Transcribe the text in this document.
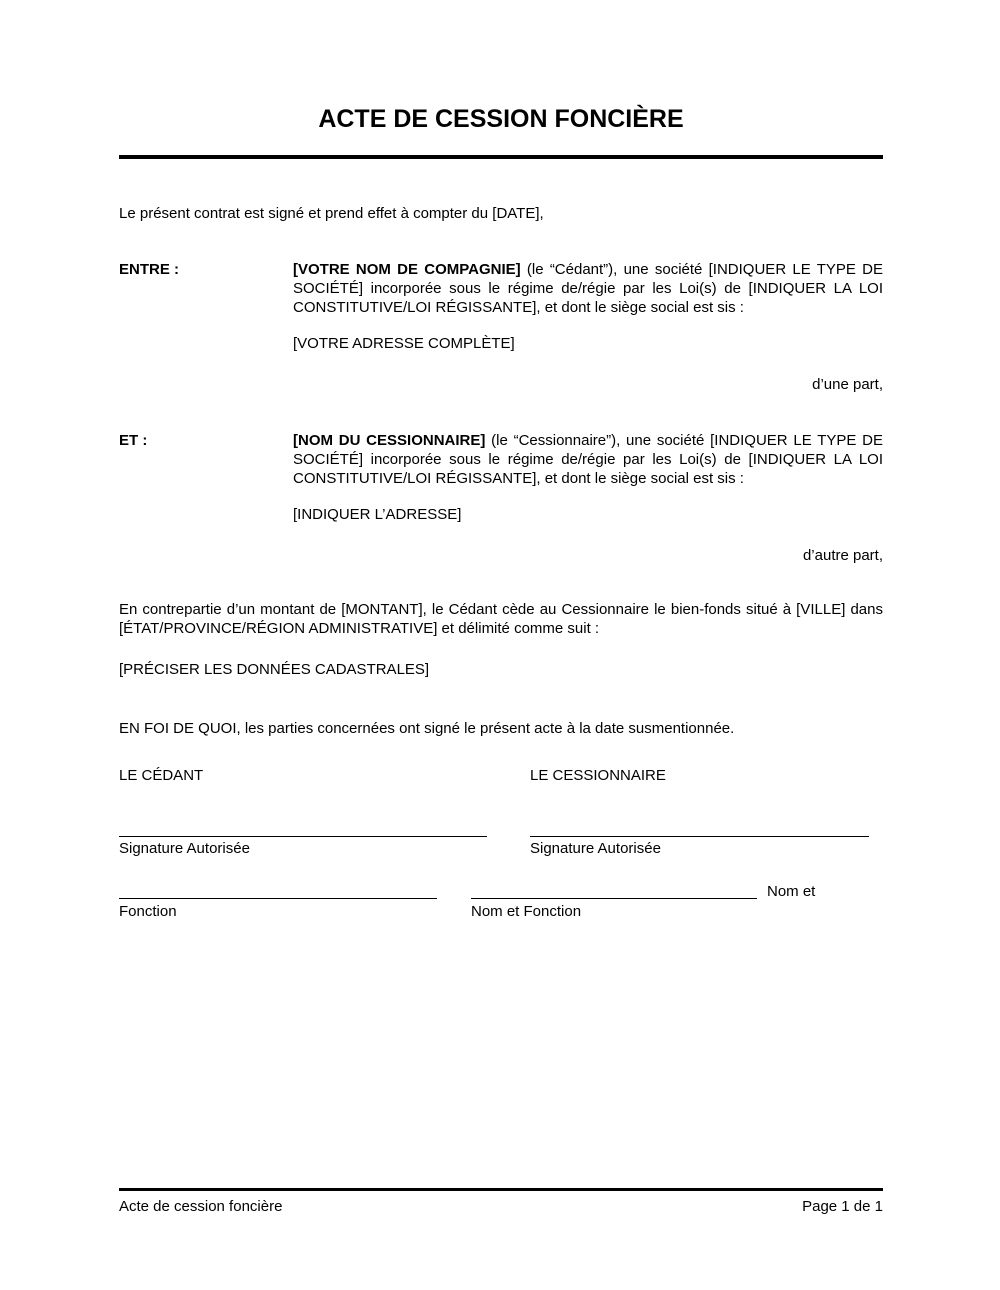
ACTE DE CESSION FONCIÈRE

Le présent contrat est signé et prend effet à compter du [DATE],

ENTRE :	[VOTRE NOM DE COMPAGNIE] (le “Cédant”), une société [INDIQUER LE TYPE DE SOCIÉTÉ] incorporée sous le régime de/régie par les Loi(s) de [INDIQUER LA LOI CONSTITUTIVE/LOI RÉGISSANTE], et dont le siège social est sis :

[VOTRE ADRESSE COMPLÈTE]

d’une part,

ET :	[NOM DU CESSIONNAIRE] (le “Cessionnaire”), une société [INDIQUER LE TYPE DE SOCIÉTÉ] incorporée sous le régime de/régie par les Loi(s) de [INDIQUER LA LOI CONSTITUTIVE/LOI RÉGISSANTE], et dont le siège social est sis :

[INDIQUER L’ADRESSE]

d’autre part,

En contrepartie d’un montant de [MONTANT], le Cédant cède au Cessionnaire le bien-fonds situé à [VILLE] dans [ÉTAT/PROVINCE/RÉGION ADMINISTRATIVE] et délimité comme suit :

[PRÉCISER LES DONNÉES CADASTRALES]

EN FOI DE QUOI, les parties concernées ont signé le présent acte à la date susmentionnée.

LE CÉDANT	LE CESSIONNAIRE
Signature Autorisée	Signature Autorisée
Nom et
Fonction	Nom et Fonction
Acte de cession foncière	Page 1 de 1
